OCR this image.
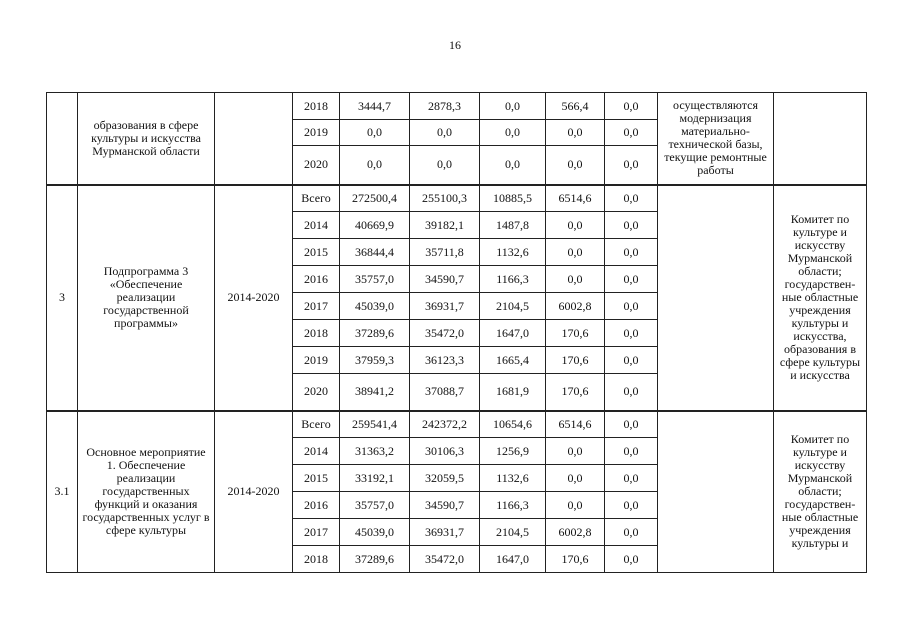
16
	образования в сфере культуры и искусства Мурманской области		2018	3444,7	2878,3	0,0	566,4	0,0	осуществляются модернизация материально-технической базы, текущие ремонтные работы	
			2019	0,0	0,0	0,0	0,0	0,0		
			2020	0,0	0,0	0,0	0,0	0,0		
3	Подпрограмма 3 «Обеспечение реализации государственной программы»	2014-2020	Всего	272500,4	255100,3	10885,5	6514,6	0,0		Комитет по культуре и искусству Мурманской области; государствен-ные областные учреждения культуры и искусства, образования в сфере культуры и искусства
			2014	40669,9	39182,1	1487,8	0,0	0,0		
			2015	36844,4	35711,8	1132,6	0,0	0,0		
			2016	35757,0	34590,7	1166,3	0,0	0,0		
			2017	45039,0	36931,7	2104,5	6002,8	0,0		
			2018	37289,6	35472,0	1647,0	170,6	0,0		
			2019	37959,3	36123,3	1665,4	170,6	0,0		
			2020	38941,2	37088,7	1681,9	170,6	0,0		
3.1	Основное мероприятие 1. Обеспечение реализации государственных функций и оказания государственных услуг в сфере культуры	2014-2020	Всего	259541,4	242372,2	10654,6	6514,6	0,0		Комитет по культуре и искусству Мурманской области; государствен-ные областные учреждения культуры и
			2014	31363,2	30106,3	1256,9	0,0	0,0		
			2015	33192,1	32059,5	1132,6	0,0	0,0		
			2016	35757,0	34590,7	1166,3	0,0	0,0		
			2017	45039,0	36931,7	2104,5	6002,8	0,0		
			2018	37289,6	35472,0	1647,0	170,6	0,0		
